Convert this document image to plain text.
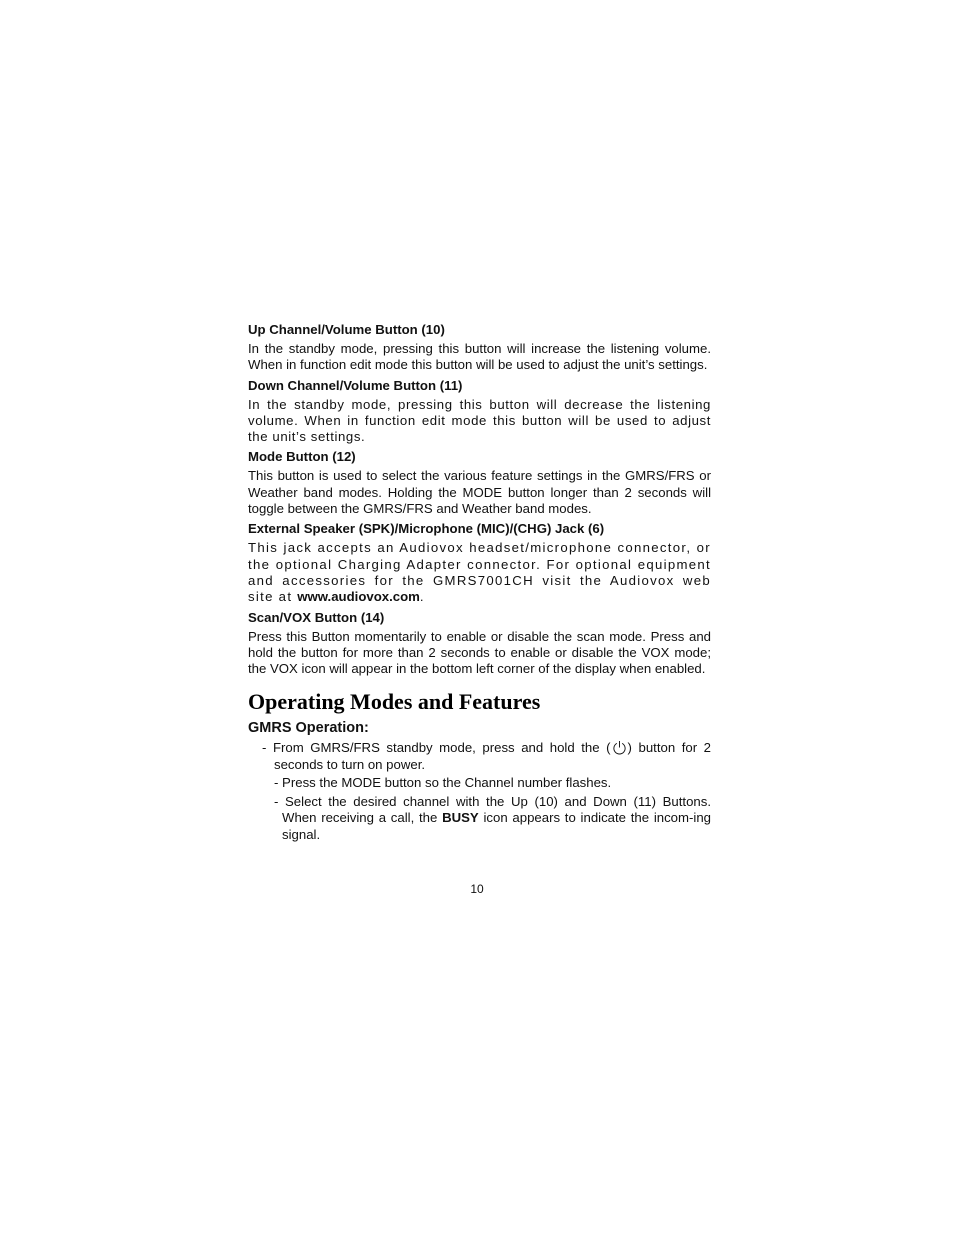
Up Channel/Volume Button (10)
In the standby mode, pressing this button will increase the listening volume. When in function edit mode this button will be used to adjust the unit’s settings.
Down Channel/Volume Button (11)
In the standby mode, pressing this button will decrease the listening volume. When in function edit mode this button will be used to adjust the unit’s settings.
Mode Button (12)
This button is used to select the various feature settings in the GMRS/FRS or Weather band modes. Holding the MODE button longer than 2 seconds will toggle between the GMRS/FRS and Weather band modes.
External Speaker (SPK)/Microphone (MIC)/(CHG) Jack (6)
This jack accepts an Audiovox headset/microphone connector, or the optional Charging Adapter connector. For optional equipment and accessories for the GMRS7001CH visit the Audiovox web site at www.audiovox.com.
Scan/VOX Button (14)
Press this Button momentarily to enable or disable the scan mode. Press and hold the button for more than 2 seconds to enable or disable the VOX mode; the VOX icon will appear in the bottom left corner of the display when enabled.
Operating Modes and Features
GMRS Operation:
- From GMRS/FRS standby mode, press and hold the ( ) button for 2 seconds to turn on power.
- Press the MODE button so the Channel number flashes.
- Select the desired channel with the Up (10) and Down (11) Buttons. When receiving a call, the BUSY icon appears to indicate the incom-ing signal.
10
